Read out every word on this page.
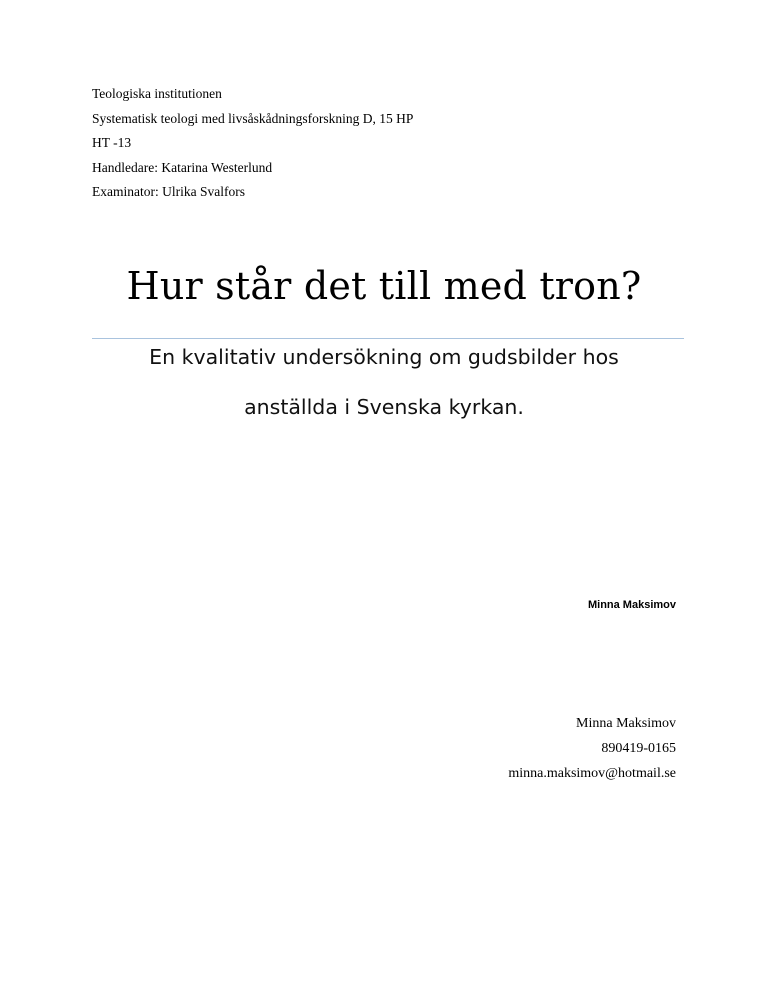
Teologiska institutionen
Systematisk teologi med livsåskådningsforskning D, 15 HP
HT -13
Handledare: Katarina Westerlund
Examinator: Ulrika Svalfors
Hur står det till med tron?
En kvalitativ undersökning om gudsbilder hos
anställda i Svenska kyrkan.
Minna Maksimov
Minna Maksimov
890419-0165
minna.maksimov@hotmail.se
